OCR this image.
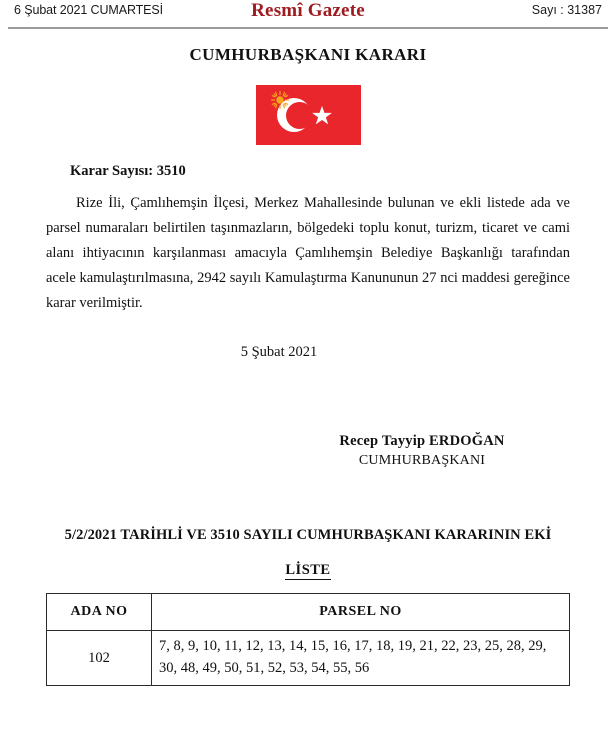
6 Şubat 2021 CUMARTESİ	Resmî Gazete	Sayı : 31387
CUMHURBAŞKANI KARARI
Karar Sayısı: 3510
Rize İli, Çamlıhemşin İlçesi, Merkez Mahallesinde bulunan ve ekli listede ada ve parsel numaraları belirtilen taşınmazların, bölgedeki toplu konut, turizm, ticaret ve cami alanı ihtiyacının karşılanması amacıyla Çamlıhemşin Belediye Başkanlığı tarafından acele kamulaştırılmasına, 2942 sayılı Kamulaştırma Kanununun 27 nci maddesi gereğince karar verilmiştir.
5 Şubat 2021
Recep Tayyip ERDOĞAN
CUMHURBAŞKANI
5/2/2021 TARİHLİ VE 3510 SAYILI CUMHURBAŞKANI KARARININ EKİ
LİSTE
ADA NO	PARSEL NO
102	7, 8, 9, 10, 11, 12, 13, 14, 15, 16, 17, 18, 19, 21, 22, 23, 25, 28, 29,
30, 48, 49, 50, 51, 52, 53, 54, 55, 56
